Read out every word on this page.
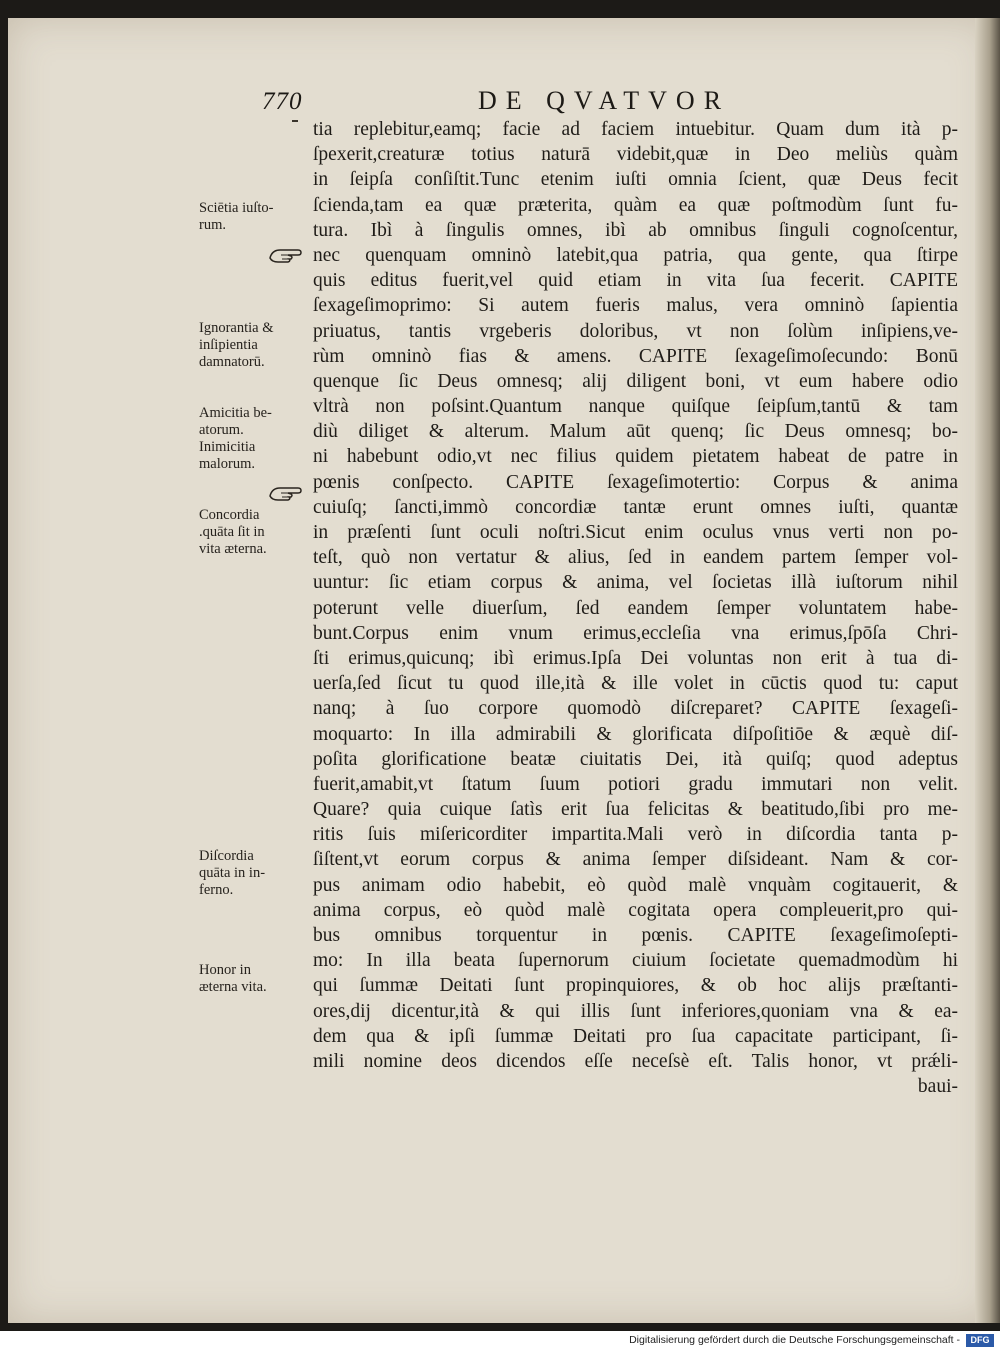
770	DE QVATVOR
tia replebitur,eamq; facie ad faciem intuebitur. Quam dum ità p-
ſpexerit,creaturæ totius naturā videbit,quæ in Deo meliùs quàm
in ſeipſa conſiſtit.Tunc etenim iuſti omnia ſcient, quæ Deus fecit
ſcienda,tam ea quæ præterita, quàm ea quæ poſtmodùm ſunt fu-
tura. Ibì à ſingulis omnes, ibì ab omnibus ſinguli cognoſcentur,
nec quenquam omninò latebit,qua patria, qua gente, qua ſtirpe
quis editus fuerit,vel quid etiam in vita ſua fecerit. CAPITE
ſexageſimoprimo: Si autem fueris malus, vera omninò ſapientia
priuatus, tantis vrgeberis doloribus, vt non ſolùm inſipiens,ve-
rùm omninò fias & amens. CAPITE ſexageſimoſecundo: Bonū
quenque ſic Deus omnesq; alij diligent boni, vt eum habere odio
vltrà non poſsint.Quantum nanque quiſque ſeipſum,tantū & tam
diù diliget & alterum. Malum aūt quenq; ſic Deus omnesq; bo-
ni habebunt odio,vt nec filius quidem pietatem habeat de patre in
pœnis conſpecto. CAPITE ſexageſimotertio: Corpus & anima
cuiuſq; ſancti,immò concordiæ tantæ erunt omnes iuſti, quantæ
in præſenti ſunt oculi noſtri.Sicut enim oculus vnus verti non po-
teſt, quò non vertatur & alius, ſed in eandem partem ſemper vol-
uuntur: ſic etiam corpus & anima, vel ſocietas illà iuſtorum nihil
poterunt velle diuerſum, ſed eandem ſemper voluntatem habe-
bunt.Corpus enim vnum erimus,eccleſia vna erimus,ſpōſa Chri-
ſti erimus,quicunq; ibì erimus.Ipſa Dei voluntas non erit à tua di-
uerſa,ſed ſicut tu quod ille,ità & ille volet in cūctis quod tu: caput
nanq; à ſuo corpore quomodò diſcreparet? CAPITE ſexageſi-
moquarto: In illa admirabili & glorificata diſpoſitiōe & æquè diſ-
poſita glorificatione beatæ ciuitatis Dei, ità quiſq; quod adeptus
fuerit,amabit,vt ſtatum ſuum potiori gradu immutari non velit.
Quare? quia cuique ſatìs erit ſua felicitas & beatitudo,ſibi pro me-
ritis ſuis miſericorditer impartita.Mali verò in diſcordia tanta p-
ſiſtent,vt eorum corpus & anima ſemper diſsideant. Nam & cor-
pus animam odio habebit, eò quòd malè vnquàm cogitauerit, &
anima corpus, eò quòd malè cogitata opera compleuerit,pro qui-
bus omnibus torquentur in pœnis. CAPITE ſexageſimoſepti-
mo: In illa beata ſupernorum ciuium ſocietate quemadmodùm hi
qui ſummæ Deitati ſunt propinquiores, & ob hoc alijs præſtanti-
ores,dij dicentur,ità & qui illis ſunt inferiores,quoniam vna & ea-
dem qua & ipſi ſummæ Deitati pro ſua capacitate participant, ſi-
mili nomine deos dicendos eſſe neceſsè eſt. Talis honor, vt prǽli-
baui-
Sciētia iuſto-
rum.
Ignorantia &
inſipientia
damnatorū.
Amicitia be-
atorum.
Inimicitia
malorum.
Concordia
.quāta ſit in
vita æterna.
Diſcordia
quāta in in-
ferno.
Honor in
æterna vita.
Digitalisierung gefördert durch die Deutsche Forschungsgemeinschaft -	DFG
